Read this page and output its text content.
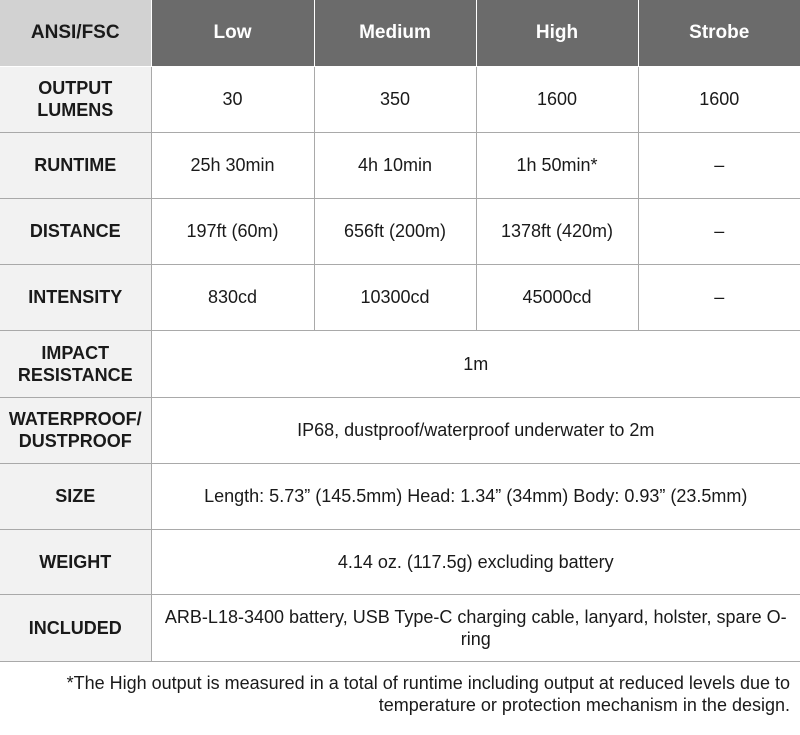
ANSI/FSC	Low	Medium	High	Strobe
OUTPUT LUMENS	30	350	1600	1600
RUNTIME	25h 30min	4h 10min	1h 50min*	–
DISTANCE	197ft (60m)	656ft (200m)	1378ft (420m)	–
INTENSITY	830cd	10300cd	45000cd	–
IMPACT RESISTANCE	1m			
WATERPROOF/ DUSTPROOF	IP68, dustproof/waterproof underwater to 2m			
SIZE	Length: 5.73” (145.5mm) Head: 1.34” (34mm) Body: 0.93” (23.5mm)			
WEIGHT	4.14 oz. (117.5g) excluding battery			
INCLUDED	ARB-L18-3400 battery, USB Type-C charging cable, lanyard, holster, spare O-ring			
*The High output is measured in a total of runtime including output at reduced levels due to temperature or protection mechanism in the design.
